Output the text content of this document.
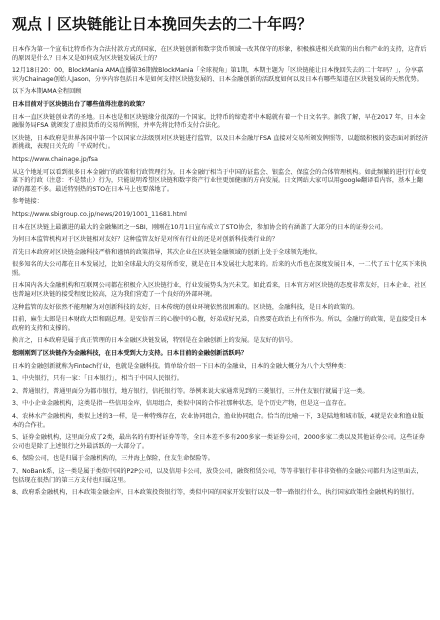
观点丨区块链能让日本挽回失去的二十年吗？
日本作为第一个宣布比特币作为合法付款方式的国家，在区块链创新和数字货币领域一改其保守的形象，积极推进相关政策的出台和产业的支持，这背后的原因是什么？日本又是如何成为区块链发展沃土的？
12月18日20：00，BlockMania AMA直播第36期做BlockMania「全球视角」第1期，本期主题为「区块链能让日本挽回失去的二十年吗？」，分享嘉宾为Chainage创始人Jason，分享内容包括日本是如何支持区块链发展的、日本金融创新的活跃度如何以及日本有哪些渠道在区块链发展的天然优势。
以下为本期AMA全程回顾
日本目前对于区块链出台了哪些值得注意的政策？
日本一直区块链创业者的圣地。日本也是和区块链缘分很深的一个国家。比特币的缔造者中本聪就有着一个日文名字。据我了解，早在2017 年，日本金融服务局FSA 就颁发了虚拟货币的交易所牌照，并率先将比特币支付合法化。
区块链，日本政府是世界各国中第一个以国家立法级别对区块链进行监管，以及日本金融厅FSA 直接对交易所颁发牌照等，以超级积极的姿态面对新经济新挑战，表现日关先的「平成时代」。
https://www.chainage.jp/fsa
从这个地址可以看到很多日本金融厅的政策和行政管理行为。日本金融厅相当于中国的证监会、银监会、保监会的合体管理机构。如此频繁的进行行业变革下的行政（注意：不是禁止）行为，只能说明希望区块链和数字资产行业往更加健康的方向发展。日文网站大家可以用google翻译看内容，基本上翻译的都差不多。最近特别热的STO在日本马上也要落地了。
参考链接：
https://www.sbigroup.co.jp/news/2019/1001_11681.html
日本在区块链上最激进的最大的金融集团之一SBI，刚刚在10月1日宣布成立了STO协会，参加协会的有涵盖了大部分的日本的证券公司。
为何日本监管机构对于区块链相对友好？这种监管友好是对所有行业的还是对创新科技类行业的？
首先日本政府对区块链金融科技严格和谨慎的政策指导，其次企业在区块链金融领域的创新上处于全球领先地位。
很多知名的大公司都在日本发展过，比如全球最大的交易所币安，就是在日本发展壮大起来的。后来的火币也在深度发展日本，一二代了五十亿买下来执照。
日本国内各大金融机构和互联网公司都在积极介入区块链行业，行业发展势头为兴未艾。如此看来，日本官方对区块链的态度非常友好，日本企业、社区也普遍对区块链的接受程度比较高，这为我们营造了一个良好的外部环境。
这种监管的友好依然不能理解为对创新科技的友好，日本传统的创业环境依然很困难的。区块链，金融科技，是日本的政策的。
目前，麻生太郎是日本财政大臣和副总理。是安倍晋三的心腹中的心腹，好弟成好兄弟，自然要在政治上有所作为。所以，金融厅的政策，是直接受日本政府的支持和支撑的。
换言之，日本政府是属于真正管理的日本金融区块链发展，特别是在金融创新上的发展。是友好的信号。
您刚刚到了区块链作为金融科技，在日本受到大力支持。日本目前的金融创新活跃吗？
日本的金融创新就称为Fintech行业，也就是金融科技。简单给介绍一下日本的金融业，日本的金融大概分为八个大型种类：
1、中央银行，只有一家：「日本银行」，相当于中国人民银行。
2、普通银行，普通里面分为都市银行，地方银行，信托银行等。举例来说大家通常见到的三菱银行，三井住友银行就属于这一类。
3、中小企业金融机构，这类是指一些信用金库，信用组合，类似中国的合作社那种状态，是个历史产物，但是这一直存在。
4、农林水产金融机构，类似上述的3一样，是一种特殊存在，农业协同组合，渔业协同组合。恰当的比喻一下，3是陆地和城市版，4就是农业和渔业版本的合作社。
5、证券金融机构，这里面分成了2类，最出名的有野村证券等等，全日本差不多有200多家一类证券公司，2000多家二类以及其他证券公司。这些证券公司也是除了上述银行之外最活跃的一大部分了。
6、保险公司，也是归属于金融机构的，三井海上保险，住友生命保险等。
7、NoBank系，这一类是属于类似中国的P2P公司，以及信用卡公司，放贷公司，融资租赁公司，等等非银行非非非资格的金融公司都归为这里面去，包括现在很热门的第三方支付也归属这里。
8、政府系金融机构，日本政策金融金库，日本政策投资银行等，类似中国的国家开发银行以及一带一路银行什么，执行国家政策性金融机构的银行。
